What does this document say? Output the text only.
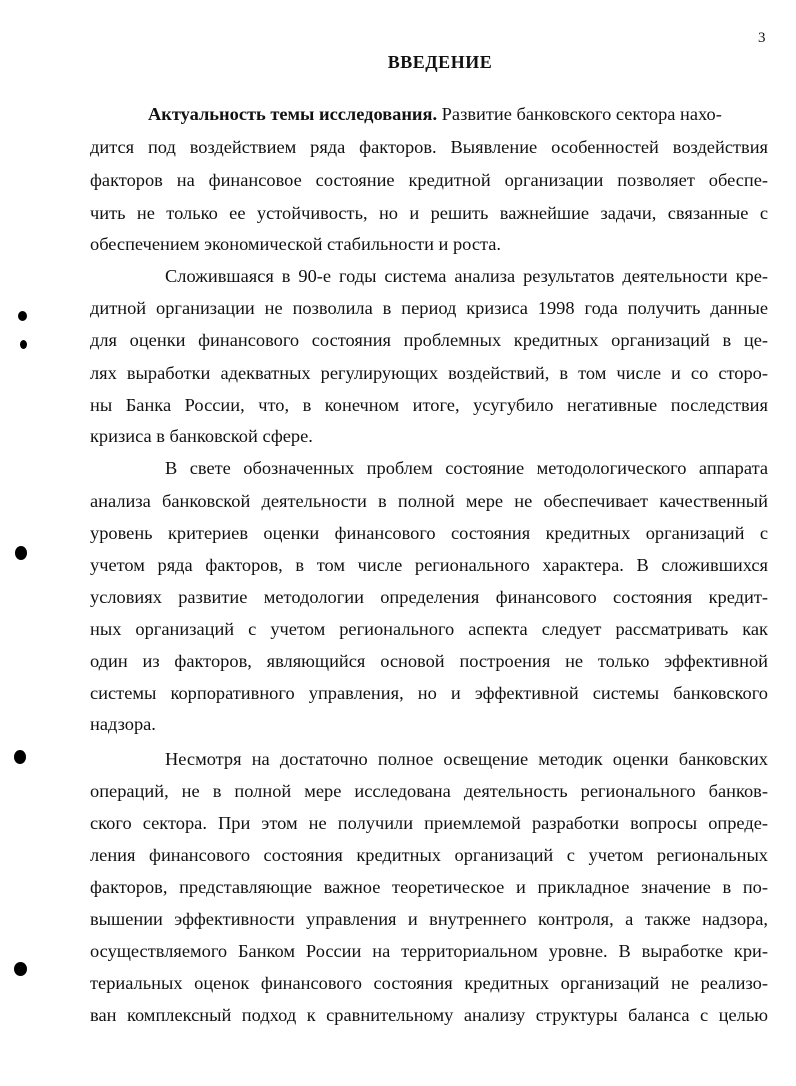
3
ВВЕДЕНИЕ
Актуальность темы исследования. Развитие банковского сектора нахо-
дится под воздействием ряда факторов. Выявление особенностей воздействия
факторов на финансовое состояние кредитной организации позволяет обеспе-
чить не только ее устойчивость, но и решить важнейшие задачи, связанные с
обеспечением экономической стабильности и роста.
Сложившаяся в 90-е годы система анализа результатов деятельности кре-
дитной организации не позволила в период кризиса 1998 года получить данные
для оценки финансового состояния проблемных кредитных организаций в це-
лях выработки адекватных регулирующих воздействий, в том числе и со сторо-
ны Банка России, что, в конечном итоге, усугубило негативные последствия
кризиса в банковской сфере.
В свете обозначенных проблем состояние методологического аппарата
анализа банковской деятельности в полной мере не обеспечивает качественный
уровень критериев оценки финансового состояния кредитных организаций с
учетом ряда факторов, в том числе регионального характера. В сложившихся
условиях развитие методологии определения финансового состояния кредит-
ных организаций с учетом регионального аспекта следует рассматривать как
один из факторов, являющийся основой построения не только эффективной
системы корпоративного управления, но и эффективной системы банковского
надзора.
Несмотря на достаточно полное освещение методик оценки банковских
операций, не в полной мере исследована деятельность регионального банков-
ского сектора. При этом не получили приемлемой разработки вопросы опреде-
ления финансового состояния кредитных организаций с учетом региональных
факторов, представляющие важное теоретическое и прикладное значение в по-
вышении эффективности управления и внутреннего контроля, а также надзора,
осуществляемого Банком России на территориальном уровне. В выработке кри-
териальных оценок финансового состояния кредитных организаций не реализо-
ван комплексный подход к сравнительному анализу структуры баланса с целью
